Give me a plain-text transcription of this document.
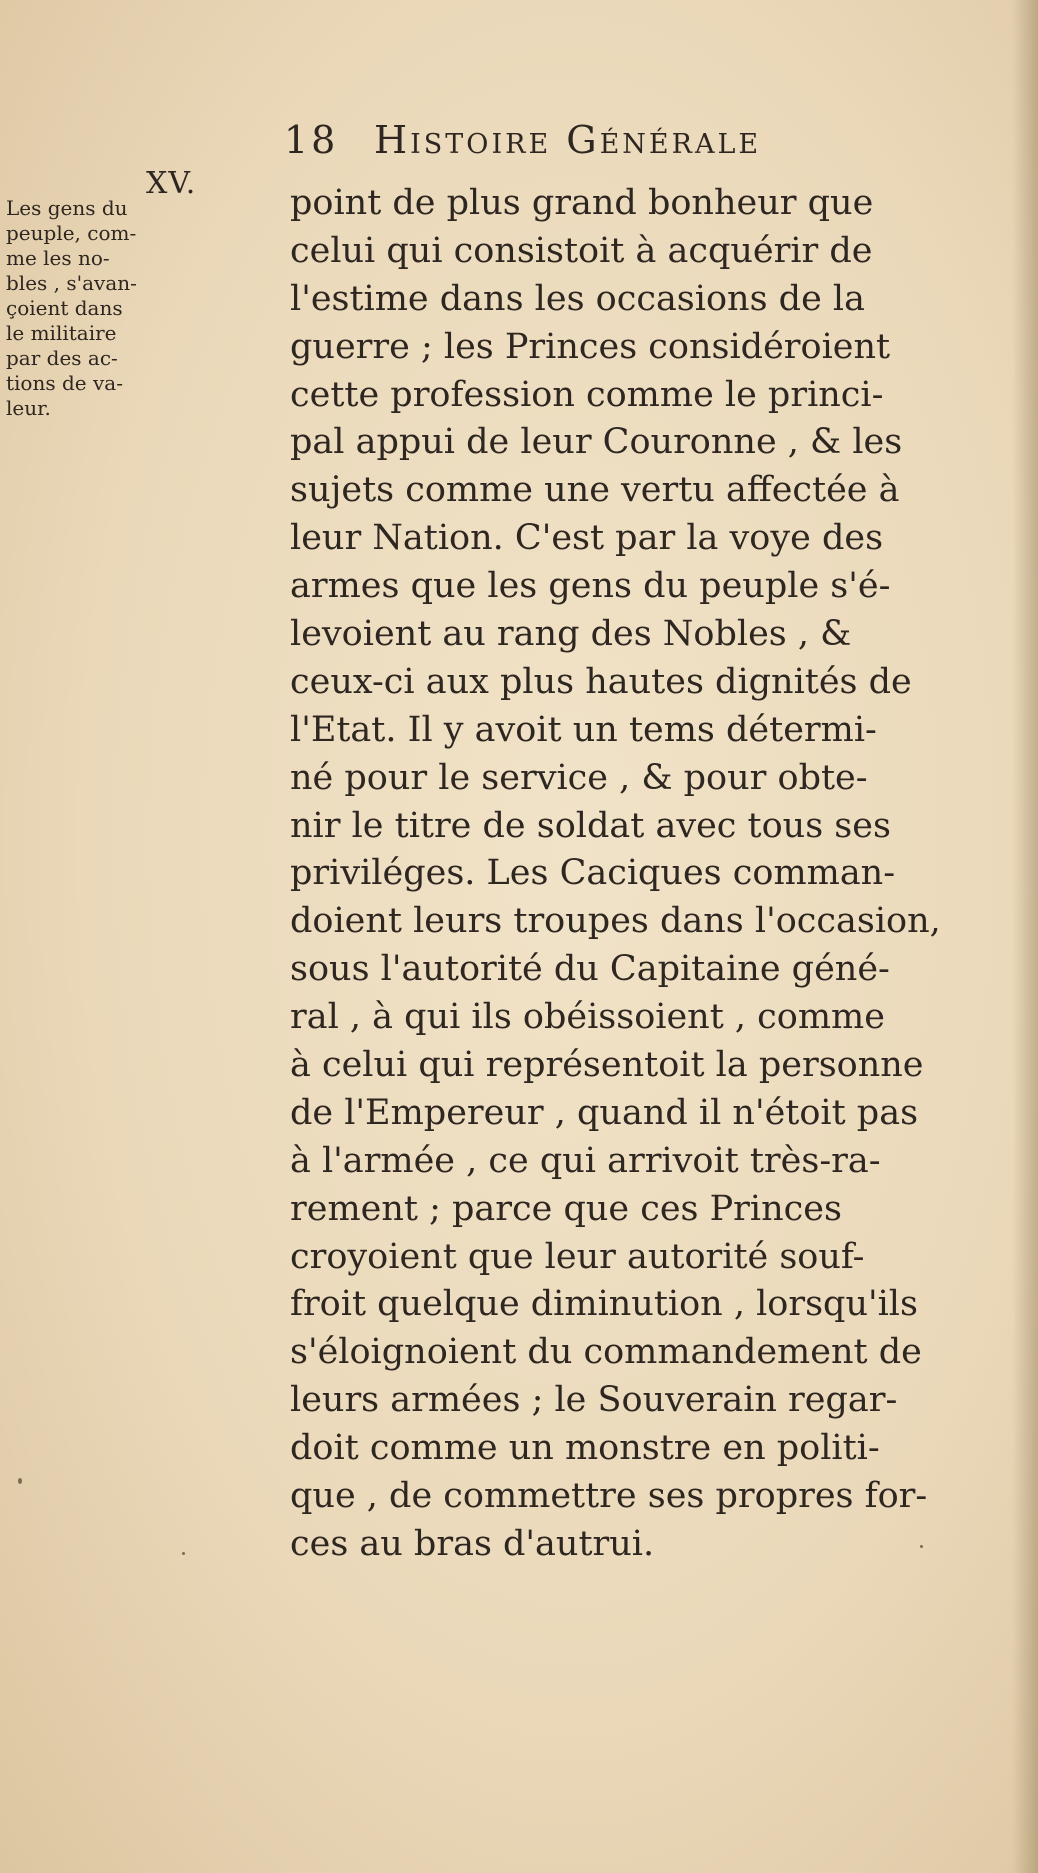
18 Histoire Générale
XV.
Les gens du
peuple, com-
me les no-
bles , s'avan-
çoient dans
le militaire
par des ac-
tions de va-
leur.
point de plus grand bonheur que
celui qui consistoit à acquérir de
l'estime dans les occasions de la
guerre ; les Princes considéroient
cette profession comme le princi-
pal appui de leur Couronne , & les
sujets comme une vertu affectée à
leur Nation. C'est par la voye des
armes que les gens du peuple s'é-
levoient au rang des Nobles , &
ceux-ci aux plus hautes dignités de
l'Etat. Il y avoit un tems détermi-
né pour le service , & pour obte-
nir le titre de soldat avec tous ses
priviléges. Les Caciques comman-
doient leurs troupes dans l'occasion,
sous l'autorité du Capitaine géné-
ral , à qui ils obéissoient , comme
à celui qui représentoit la personne
de l'Empereur , quand il n'étoit pas
à l'armée , ce qui arrivoit très-ra-
rement ; parce que ces Princes
croyoient que leur autorité souf-
froit quelque diminution , lorsqu'ils
s'éloignoient du commandement de
leurs armées ; le Souverain regar-
doit comme un monstre en politi-
que , de commettre ses propres for-
ces au bras d'autrui.
